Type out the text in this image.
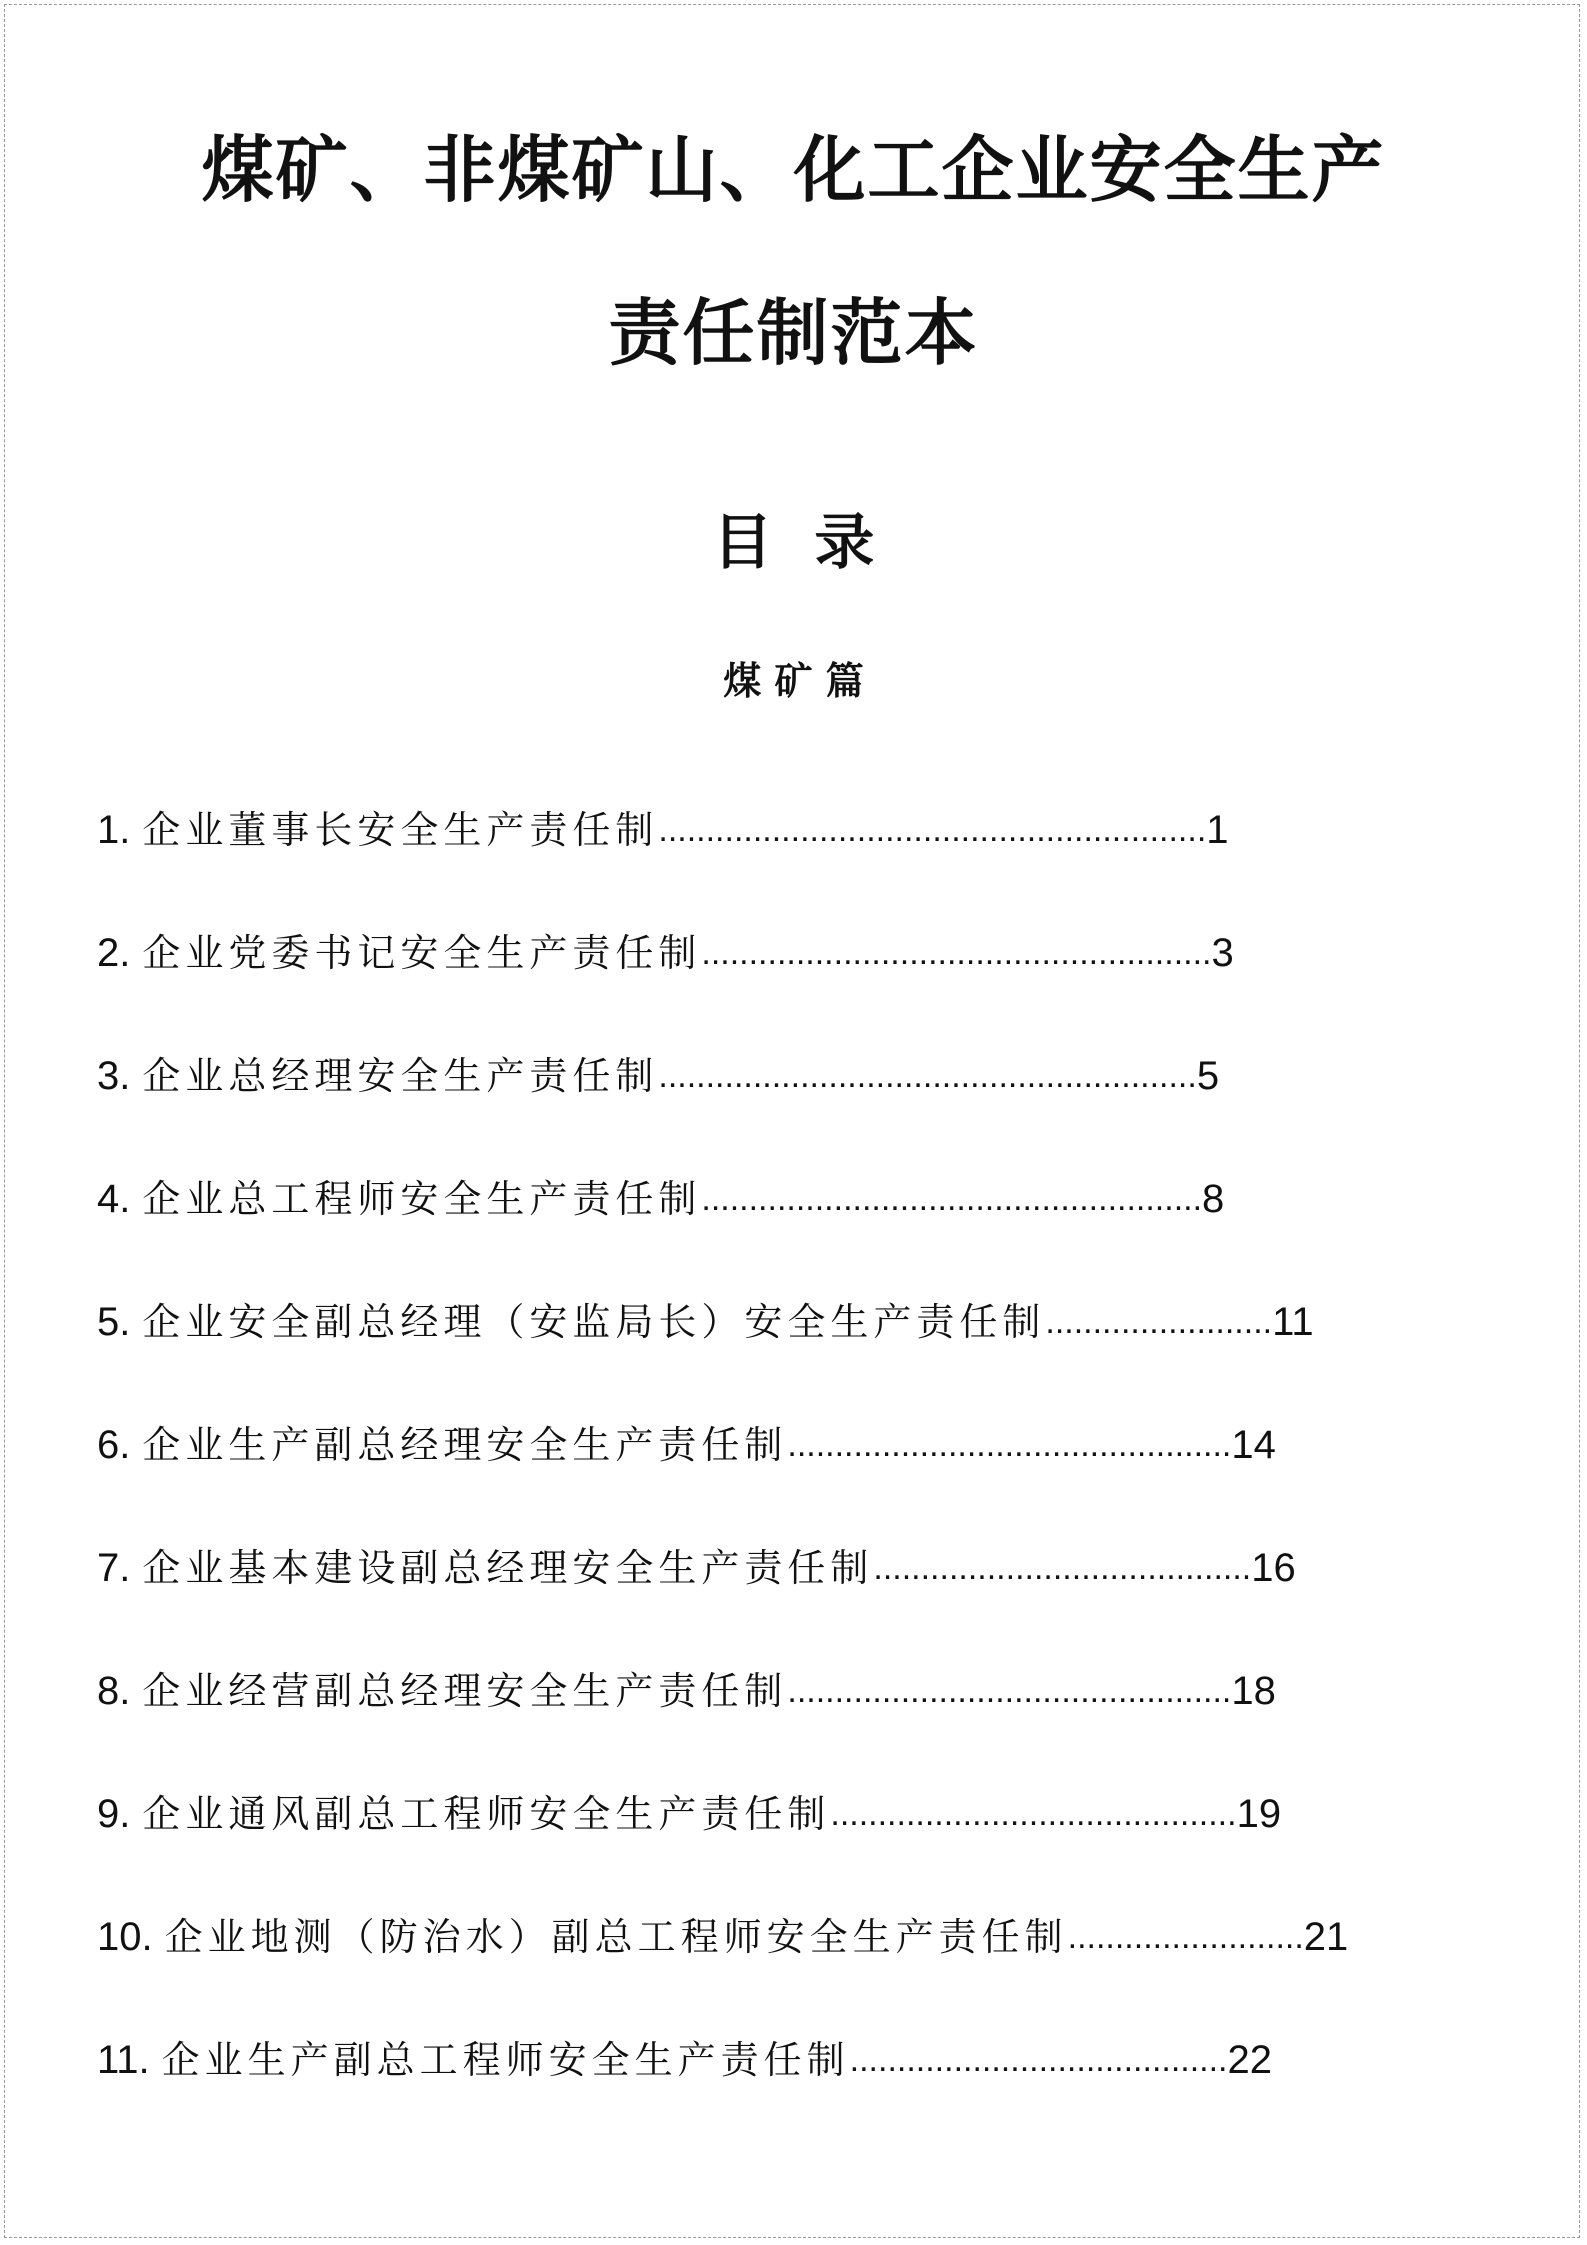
煤矿、非煤矿山、化工企业安全生产
责任制范本
目  录
煤 矿 篇
1. 企业董事长安全生产责任制 .......................................................... 1
2. 企业党委书记安全生产责任制 ...................................................... 3
3. 企业总经理安全生产责任制 ......................................................... 5
4. 企业总工程师安全生产责任制 ..................................................... 8
5. 企业安全副总经理（安监局长）安全生产责任制 ........................ 11
6. 企业生产副总经理安全生产责任制 ............................................... 14
7. 企业基本建设副总经理安全生产责任制 ........................................ 16
8. 企业经营副总经理安全生产责任制 ............................................... 18
9. 企业通风副总工程师安全生产责任制 ........................................... 19
10. 企业地测（防治水）副总工程师安全生产责任制 ......................... 21
11. 企业生产副总工程师安全生产责任制 ........................................ 22
